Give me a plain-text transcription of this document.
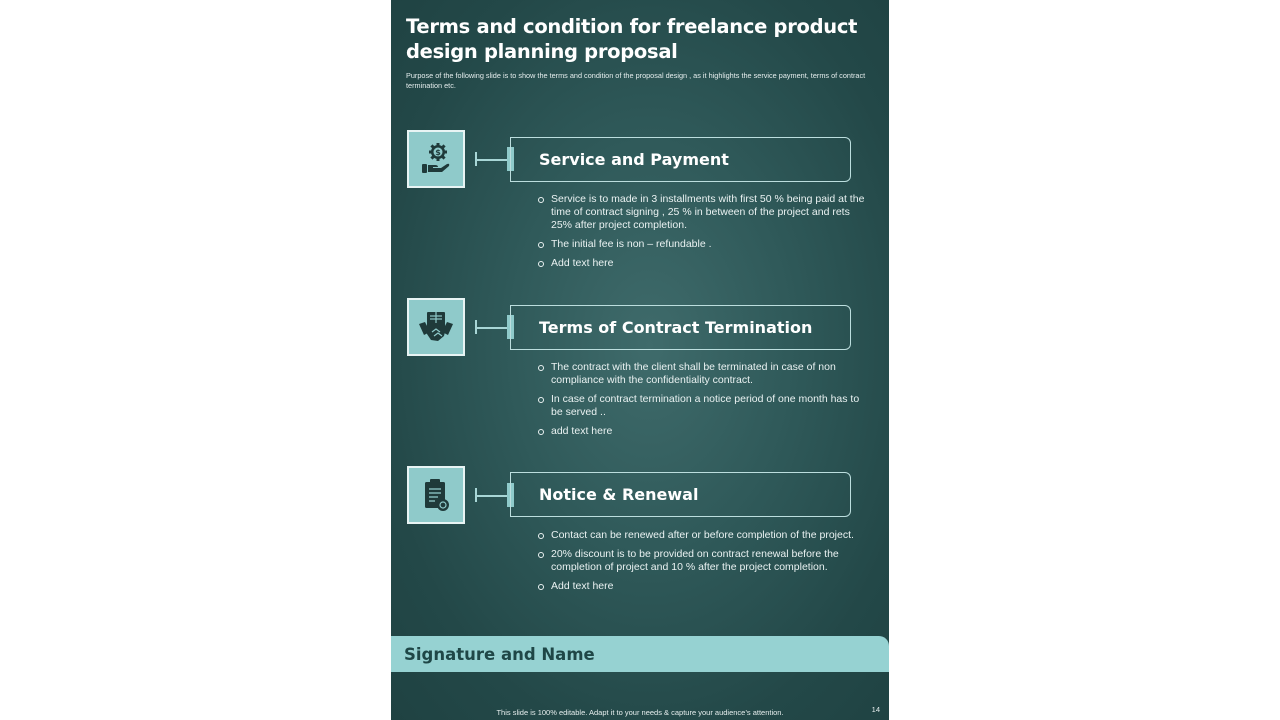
Terms and condition for freelance product design planning proposal
Purpose of the following slide is to show the terms and condition of the proposal design , as it highlights the service payment, terms of contract termination etc.
$	Service and Payment
Service is to made in 3 installments with first 50 % being paid at the time of contract signing , 25 % in between of the project and rets 25% after project completion.
The initial fee is non – refundable .
Add text here
Terms of Contract Termination
The contract with the client shall be terminated in case of non compliance with the confidentiality contract.
In case of contract termination a notice period of one month has to be served ..
add text here
Notice & Renewal
Contact can be renewed after or before completion of the project.
20% discount is to be provided on contract renewal before the completion of project and 10 % after the project completion.
Add text here
Signature and Name
This slide is 100% editable. Adapt it to your needs & capture your audience’s attention.	14
